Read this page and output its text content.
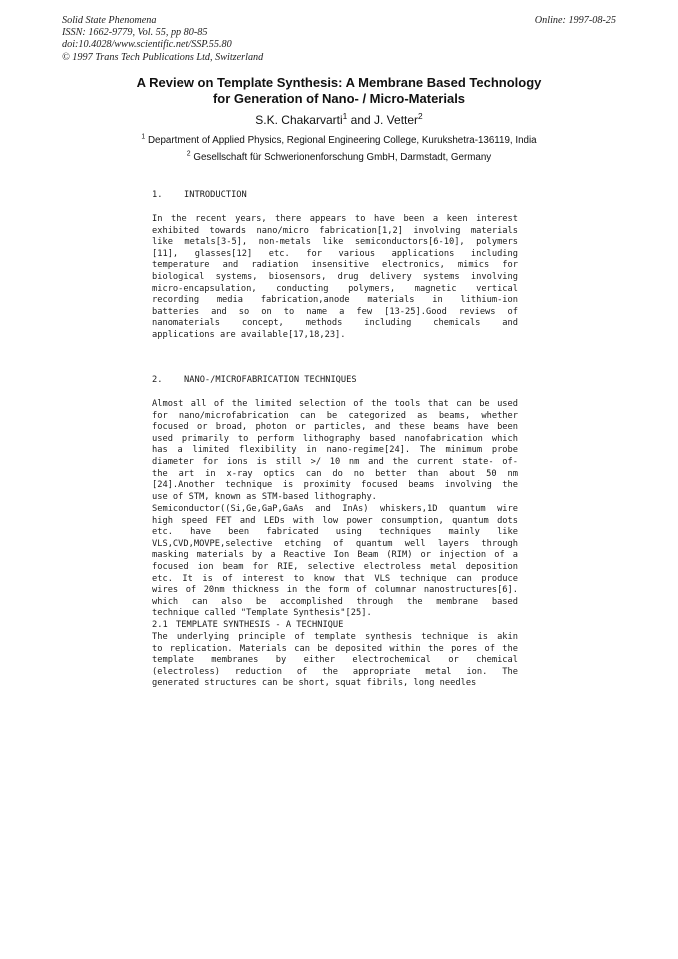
Solid State Phenomena
ISSN: 1662-9779, Vol. 55, pp 80-85
doi:10.4028/www.scientific.net/SSP.55.80
© 1997 Trans Tech Publications Ltd, Switzerland
Online: 1997-08-25
A Review on Template Synthesis: A Membrane Based Technology
for Generation of Nano- / Micro-Materials
S.K. Chakarvarti$^1$ and J. Vetter$^2$
$^1$ Department of Applied Physics, Regional Engineering College, Kurukshetra-136119, India
$^2$ Gesellschaft für Schwerionenforschung GmbH, Darmstadt, Germany
1. INTRODUCTION
In the recent years, there appears to have been a keen interest
exhibited towards nano/micro fabrication[1,2] involving materials
like metals[3-5], non-metals like semiconductors[6-10], polymers
[11], glasses[12] etc. for various applications including
temperature and radiation insensitive electronics, mimics for
biological systems, biosensors, drug delivery systems involving
micro-encapsulation, conducting polymers, magnetic vertical
recording media fabrication,anode materials in lithium-ion
batteries and so on to name a few [13-25].Good reviews of
nanomaterials concept, methods including chemicals and
applications are available[17,18,23].
2. NANO-/MICROFABRICATION TECHNIQUES
Almost all of the limited selection of the tools that can be used
for nano/microfabrication can be categorized as beams, whether
focused or broad, photon or particles, and these beams have been
used primarily to perform lithography based nanofabrication which
has a limited flexibility in nano-regime[24]. The minimum probe
diameter for ions is still >/ 10 nm and the current state- of-
the art in x-ray optics can do no better than about 50 nm
[24].Another technique is proximity focused beams involving the
use of STM, known as STM-based lithography.
Semiconductor((Si,Ge,GaP,GaAs and InAs) whiskers,1D quantum wire
high speed FET and LEDs with low power consumption, quantum dots
etc. have been fabricated using techniques mainly like
VLS,CVD,MOVPE,selective etching of quantum well layers through
masking materials by a Reactive Ion Beam (RIM) or injection of a
focused ion beam for RIE, selective electroless metal deposition
etc. It is of interest to know that VLS technique can produce
wires of 20nm thickness in the form of columnar nanostructures[6].
which can also be accomplished through the membrane based
technique called "Template Synthesis"[25].
2.1 TEMPLATE SYNTHESIS - A TECHNIQUE
The underlying principle of template synthesis technique is akin
to replication. Materials can be deposited within the pores of the
template membranes by either electrochemical or chemical
(electroless) reduction of the appropriate metal ion. The
generated structures can be short, squat fibrils, long needles
